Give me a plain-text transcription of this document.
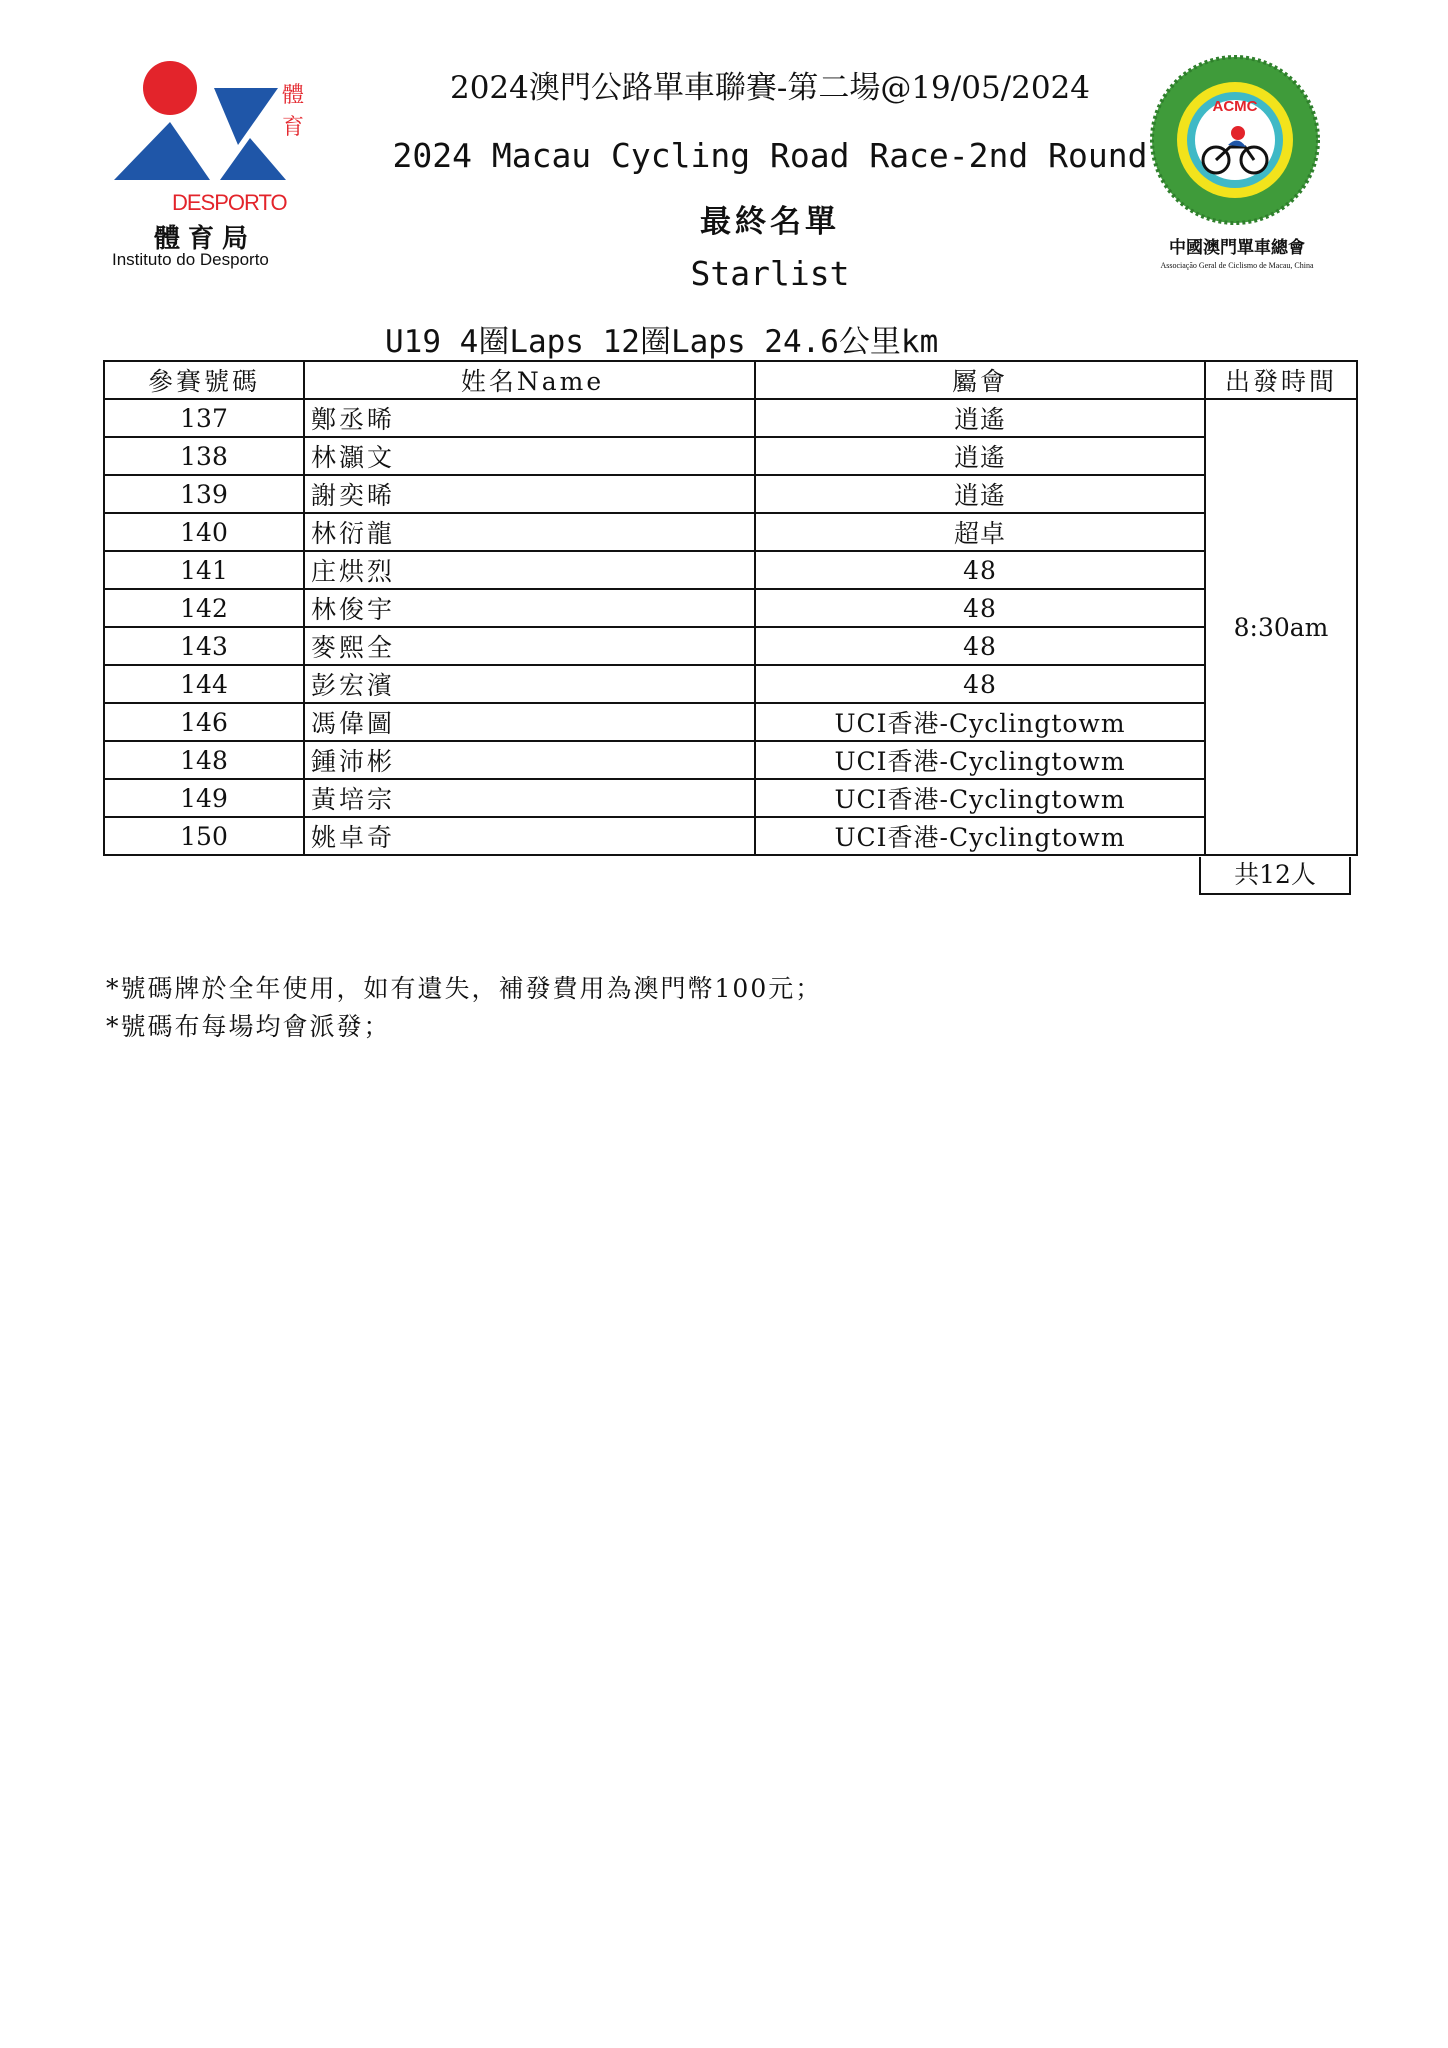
體
育
DESPORTO
體育局
Instituto do Desporto
ACMC
中國澳門單車總會
Associação Geral de Ciclismo de Macau, China
2024澳門公路單車聯賽-第二場@19/05/2024
2024 Macau Cycling Road Race-2nd Round
最終名單
Starlist
U19 4圈Laps 12圈Laps 24.6公里km
參賽號碼	姓名Name	屬會	出發時間
137	鄭丞晞	逍遙	8:30am
138	林灝文	逍遙	
139	謝奕晞	逍遙	
140	林衍龍	超卓	
141	庄烘烈	48	
142	林俊宇	48	
143	麥熙全	48	
144	彭宏濱	48	
146	馮偉圖	UCI香港-Cyclingtowm	
148	鍾沛彬	UCI香港-Cyclingtowm	
149	黃培宗	UCI香港-Cyclingtowm	
150	姚卓奇	UCI香港-Cyclingtowm	
共12人
*號碼牌於全年使用，如有遺失，補發費用為澳門幣100元；
*號碼布每場均會派發；
